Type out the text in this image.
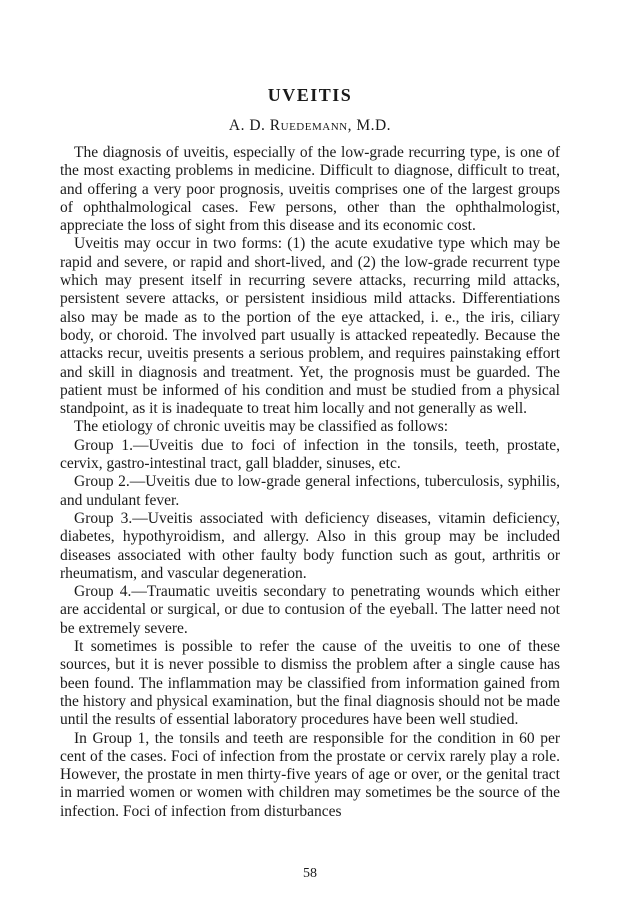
UVEITIS
A. D. Ruedemann, M.D.

The diagnosis of uveitis, especially of the low-grade recurring type, is one of the most exacting problems in medicine. Difficult to diagnose, difficult to treat, and offering a very poor prognosis, uveitis comprises one of the largest groups of ophthalmological cases. Few persons, other than the ophthalmologist, appreciate the loss of sight from this disease and its economic cost.

Uveitis may occur in two forms: (1) the acute exudative type which may be rapid and severe, or rapid and short-lived, and (2) the low-grade recurrent type which may present itself in recurring severe attacks, recurring mild attacks, persistent severe attacks, or persistent insidious mild attacks. Differentiations also may be made as to the portion of the eye attacked, i. e., the iris, ciliary body, or choroid. The involved part usually is attacked repeatedly. Because the attacks recur, uveitis presents a serious problem, and requires painstaking effort and skill in diagnosis and treatment. Yet, the prognosis must be guarded. The patient must be informed of his condition and must be studied from a physical standpoint, as it is inadequate to treat him locally and not generally as well.

The etiology of chronic uveitis may be classified as follows:

Group 1.—Uveitis due to foci of infection in the tonsils, teeth, prostate, cervix, gastro-intestinal tract, gall bladder, sinuses, etc.

Group 2.—Uveitis due to low-grade general infections, tuberculosis, syphilis, and undulant fever.

Group 3.—Uveitis associated with deficiency diseases, vitamin deficiency, diabetes, hypothyroidism, and allergy. Also in this group may be included diseases associated with other faulty body function such as gout, arthritis or rheumatism, and vascular degeneration.

Group 4.—Traumatic uveitis secondary to penetrating wounds which either are accidental or surgical, or due to contusion of the eyeball. The latter need not be extremely severe.

It sometimes is possible to refer the cause of the uveitis to one of these sources, but it is never possible to dismiss the problem after a single cause has been found. The inflammation may be classified from information gained from the history and physical examination, but the final diagnosis should not be made until the results of essential laboratory procedures have been well studied.

In Group 1, the tonsils and teeth are responsible for the condition in 60 per cent of the cases. Foci of infection from the prostate or cervix rarely play a role. However, the prostate in men thirty-five years of age or over, or the genital tract in married women or women with children may sometimes be the source of the infection. Foci of infection from disturbances

58
